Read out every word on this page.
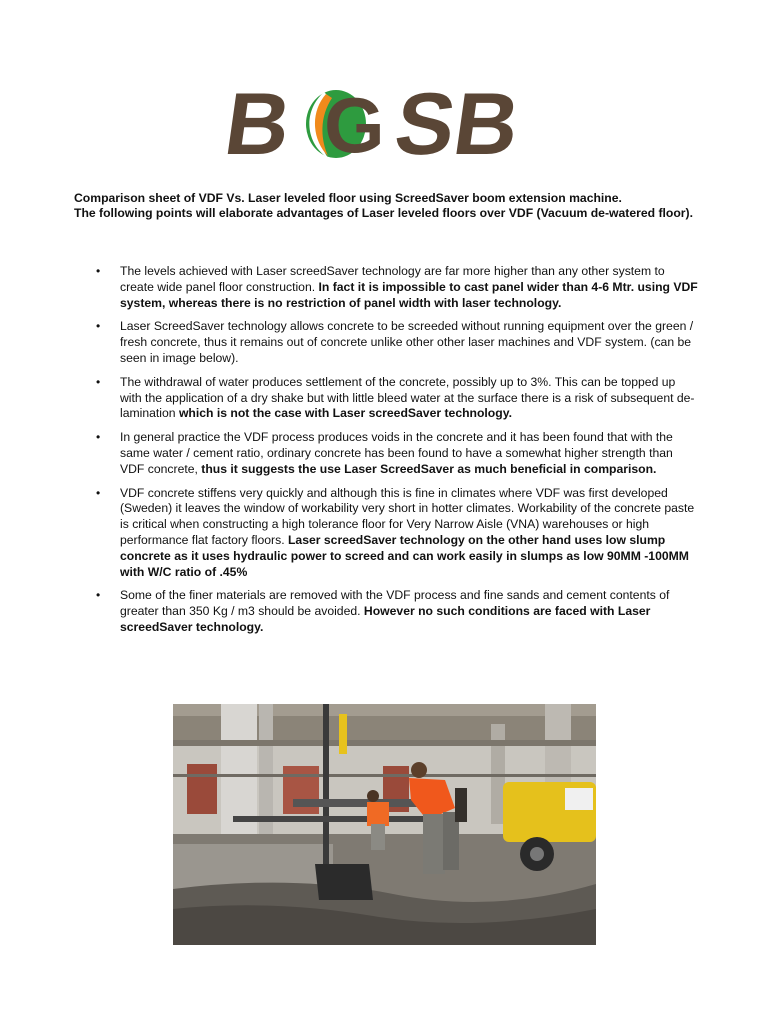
B G SB

Comparison sheet of VDF Vs. Laser leveled floor using ScreedSaver boom extension machine.
The following points will elaborate advantages of Laser leveled floors over VDF (Vacuum de-watered floor).

• The levels achieved with Laser screedSaver technology are far more higher than any other system to create wide panel floor construction. In fact it is impossible to cast panel wider than 4-6 Mtr. using VDF system, whereas there is no restriction of panel width with laser technology.
• Laser ScreedSaver technology allows concrete to be screeded without running equipment over the green / fresh concrete, thus it remains out of concrete unlike other other laser machines and VDF system. (can be seen in image below).
• The withdrawal of water produces settlement of the concrete, possibly up to 3%. This can be topped up with the application of a dry shake but with little bleed water at the surface there is a risk of subsequent de-lamination which is not the case with Laser screedSaver technology.
• In general practice the VDF process produces voids in the concrete and it has been found that with the same water / cement ratio, ordinary concrete has been found to have a somewhat higher strength than VDF concrete, thus it suggests the use Laser ScreedSaver as much beneficial in comparison.
• VDF concrete stiffens very quickly and although this is fine in climates where VDF was first developed (Sweden) it leaves the window of workability very short in hotter climates. Workability of the concrete paste is critical when constructing a high tolerance floor for Very Narrow Aisle (VNA) warehouses or high performance flat factory floors. Laser screedSaver technology on the other hand uses low slump concrete as it uses hydraulic power to screed and can work easily in slumps as low 90MM -100MM with W/C ratio of .45%
• Some of the finer materials are removed with the VDF process and fine sands and cement contents of greater than 350 Kg / m3 should be avoided. However no such conditions are faced with Laser screedSaver technology.
